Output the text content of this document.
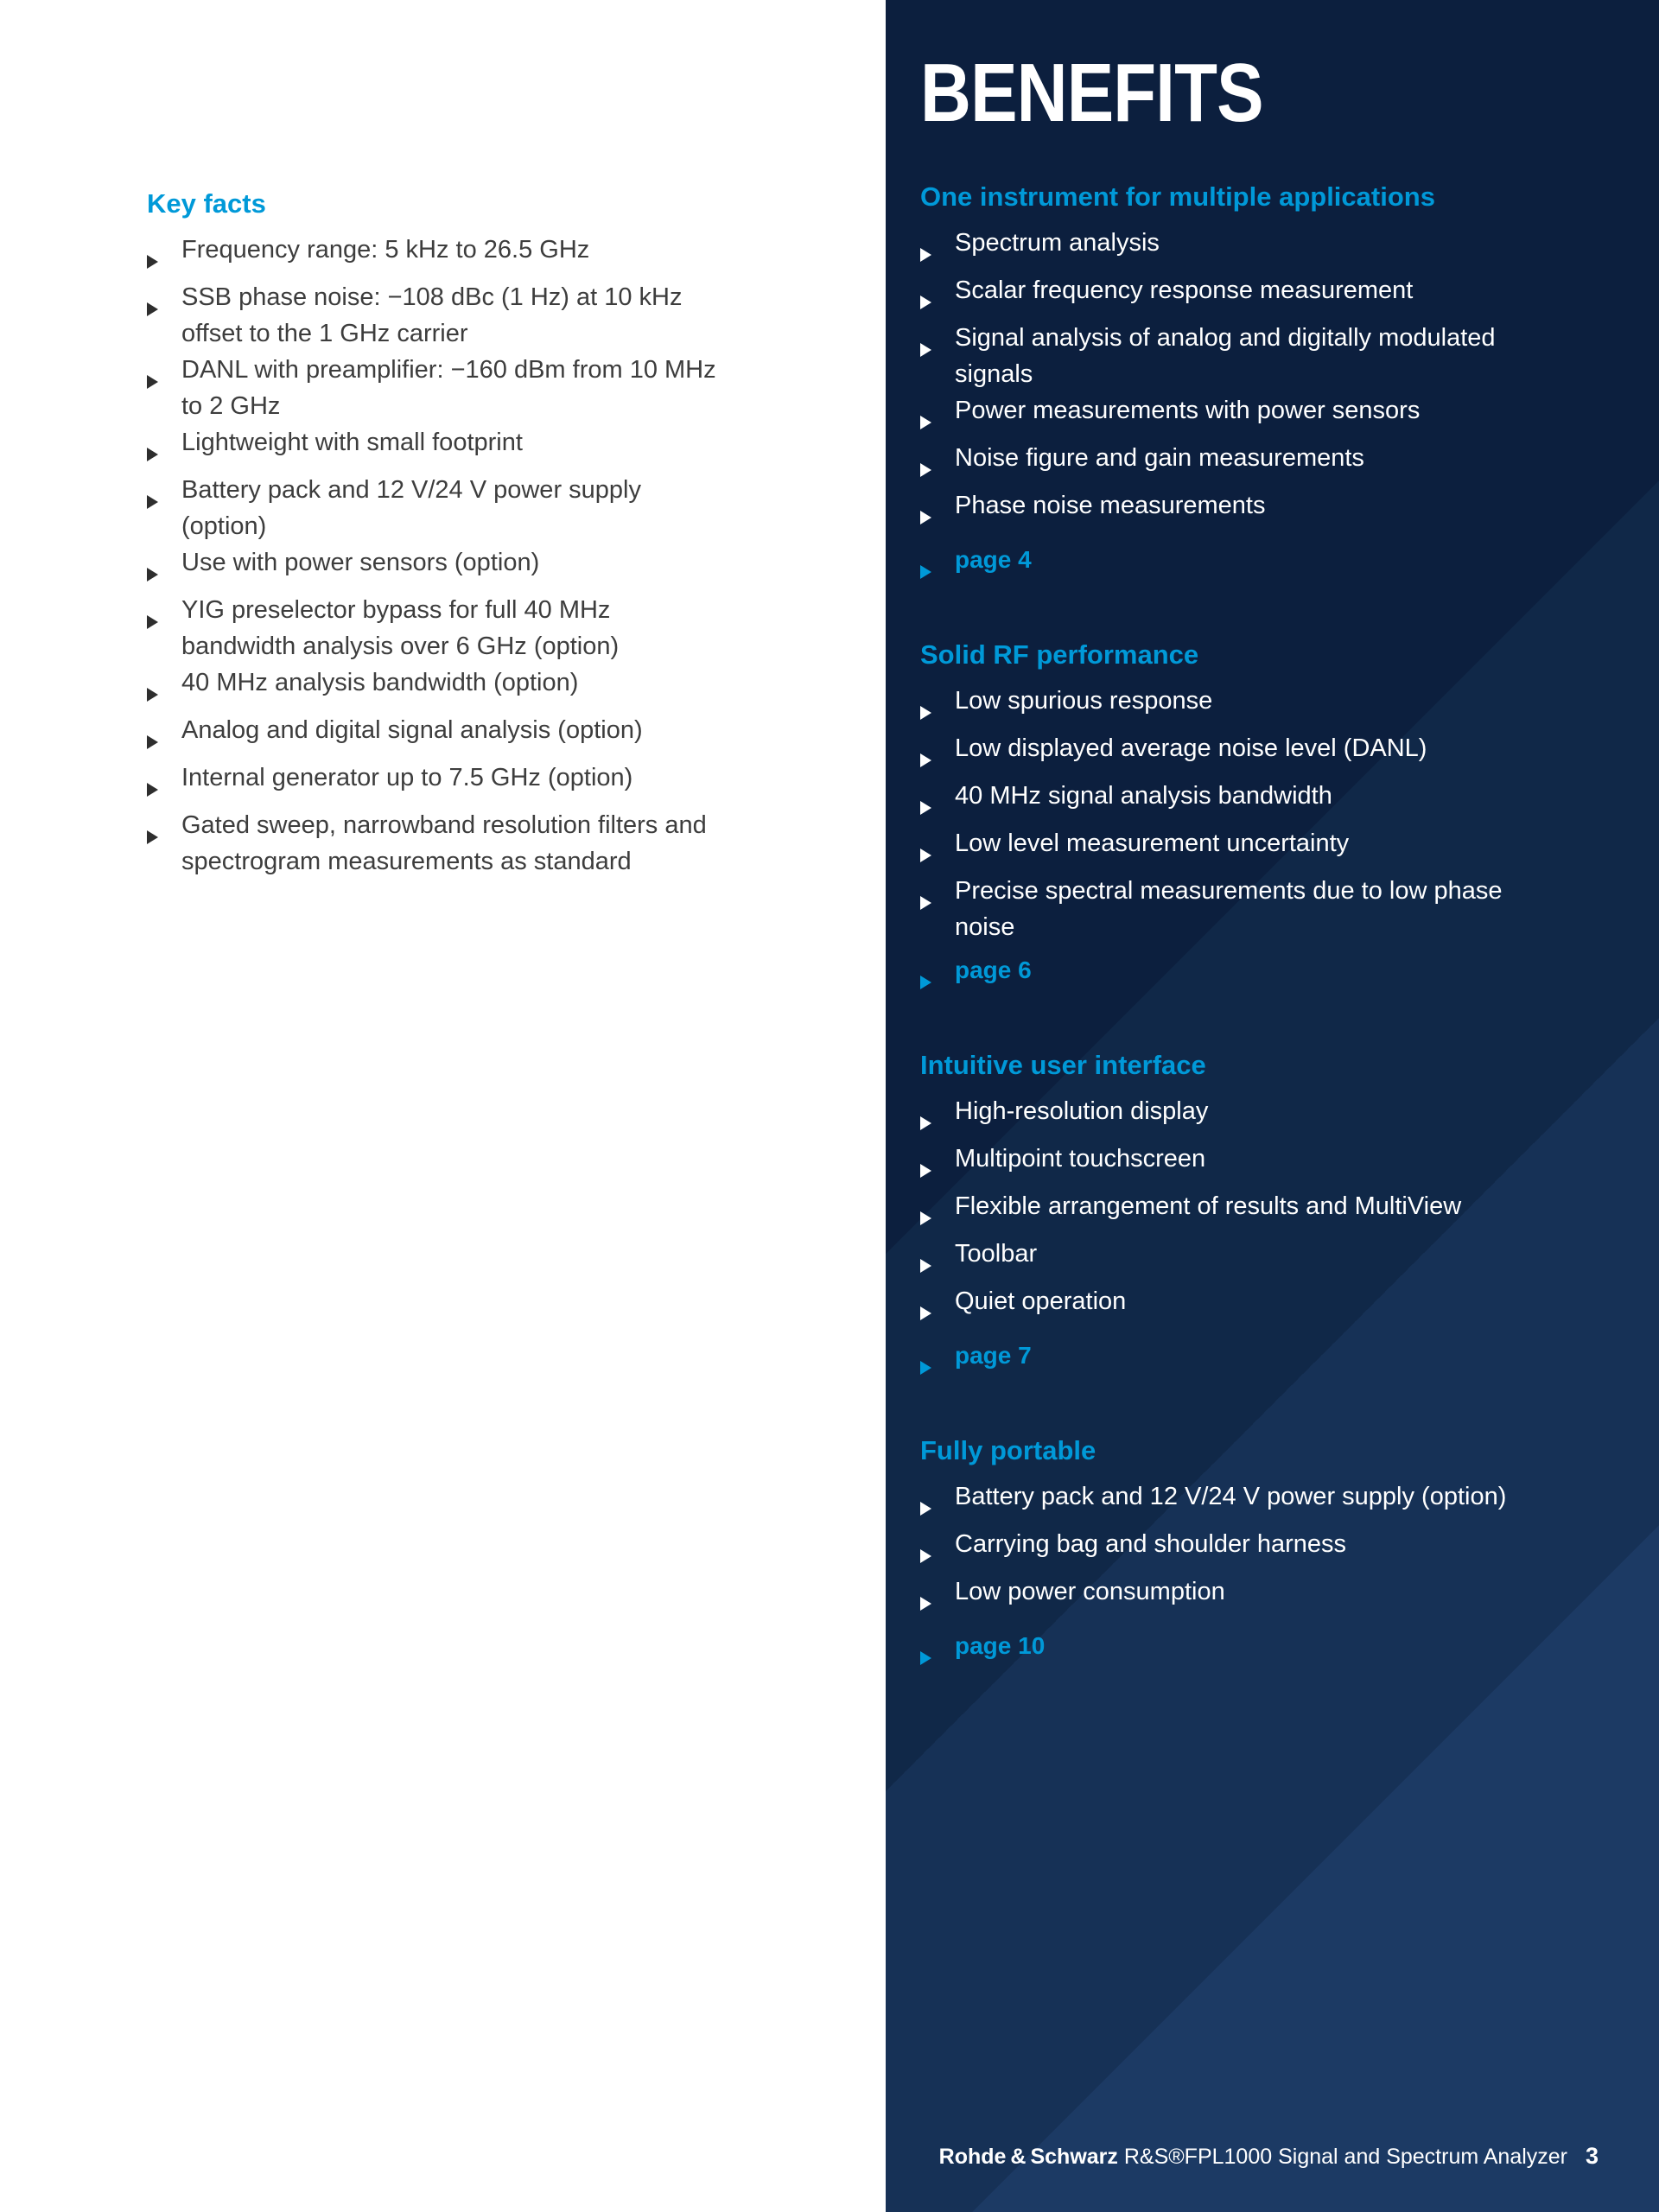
Key facts
Frequency range: 5 kHz to 26.5 GHz
SSB phase noise: −108 dBc (1 Hz) at 10 kHz offset to the 1 GHz carrier
DANL with preamplifier: −160 dBm from 10 MHz to 2 GHz
Lightweight with small footprint
Battery pack and 12 V/24 V power supply (option)
Use with power sensors (option)
YIG preselector bypass for full 40 MHz bandwidth analysis over 6 GHz (option)
40 MHz analysis bandwidth (option)
Analog and digital signal analysis (option)
Internal generator up to 7.5 GHz (option)
Gated sweep, narrowband resolution filters and spectrogram measurements as standard
BENEFITS
One instrument for multiple applications
Spectrum analysis
Scalar frequency response measurement
Signal analysis of analog and digitally modulated signals
Power measurements with power sensors
Noise figure and gain measurements
Phase noise measurements
page 4
Solid RF performance
Low spurious response
Low displayed average noise level (DANL)
40 MHz signal analysis bandwidth
Low level measurement uncertainty
Precise spectral measurements due to low phase noise
page 6
Intuitive user interface
High-resolution display
Multipoint touchscreen
Flexible arrangement of results and MultiView
Toolbar
Quiet operation
page 7
Fully portable
Battery pack and 12 V/24 V power supply (option)
Carrying bag and shoulder harness
Low power consumption
page 10
Rohde & Schwarz R&S®FPL1000 Signal and Spectrum Analyzer 3
